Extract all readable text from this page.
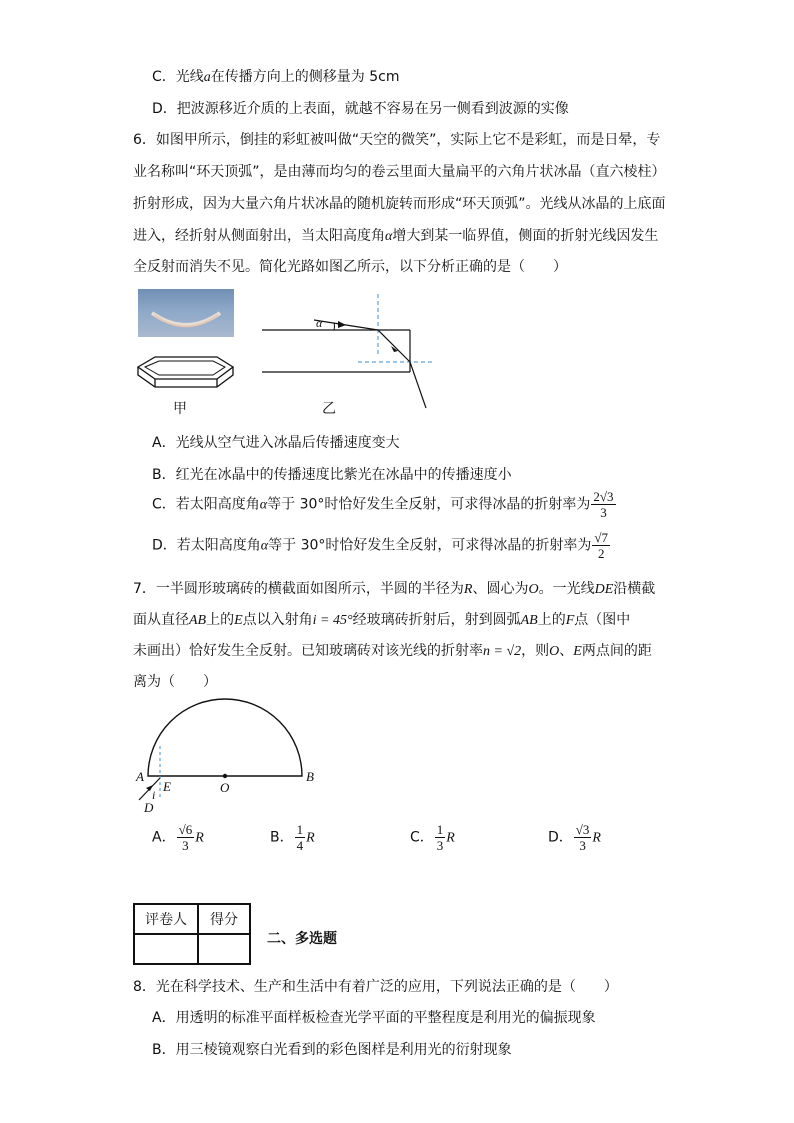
C．光线a在传播方向上的侧移量为 5cm
D．把波源移近介质的上表面，就越不容易在另一侧看到波源的实像
6．如图甲所示，倒挂的彩虹被叫做“天空的微笑”，实际上它不是彩虹，而是日晕，专
业名称叫“环天顶弧”，是由薄而均匀的卷云里面大量扁平的六角片状冰晶（直六棱柱）
折射形成，因为大量六角片状冰晶的随机旋转而形成“环天顶弧”。光线从冰晶的上底面
进入，经折射从侧面射出，当太阳高度角α增大到某一临界值，侧面的折射光线因发生
全反射而消失不见。简化光路如图乙所示，以下分析正确的是（　　）
甲
α
乙
A．光线从空气进入冰晶后传播速度变大
B．红光在冰晶中的传播速度比紫光在冰晶中的传播速度小
C．若太阳高度角α等于 30°时恰好发生全反射，可求得冰晶的折射率为 $\frac{2√3}{3}$
D．若太阳高度角α等于 30°时恰好发生全反射，可求得冰晶的折射率为 $\frac{√7}{2}$
7．一半圆形玻璃砖的横截面如图所示，半圆的半径为R、圆心为O。一光线DE沿横截
面从直径AB上的E点以入射角i = 45°经玻璃砖折射后，射到圆弧AB上的F点（图中
未画出）恰好发生全反射。已知玻璃砖对该光线的折射率n = √2，则O、E两点间的距
离为（　　）
A
E	O
B
i
D
A． $\frac{√6}{3}$ R	B． $\frac{1}{4}$ R	C． $\frac{1}{3}$ R	D． $\frac{√3}{3}$ R
评卷人	得分

二、多选题
8．光在科学技术、生产和生活中有着广泛的应用，下列说法正确的是（　　）
A．用透明的标准平面样板检查光学平面的平整程度是利用光的偏振现象
B．用三棱镜观察白光看到的彩色图样是利用光的衍射现象
